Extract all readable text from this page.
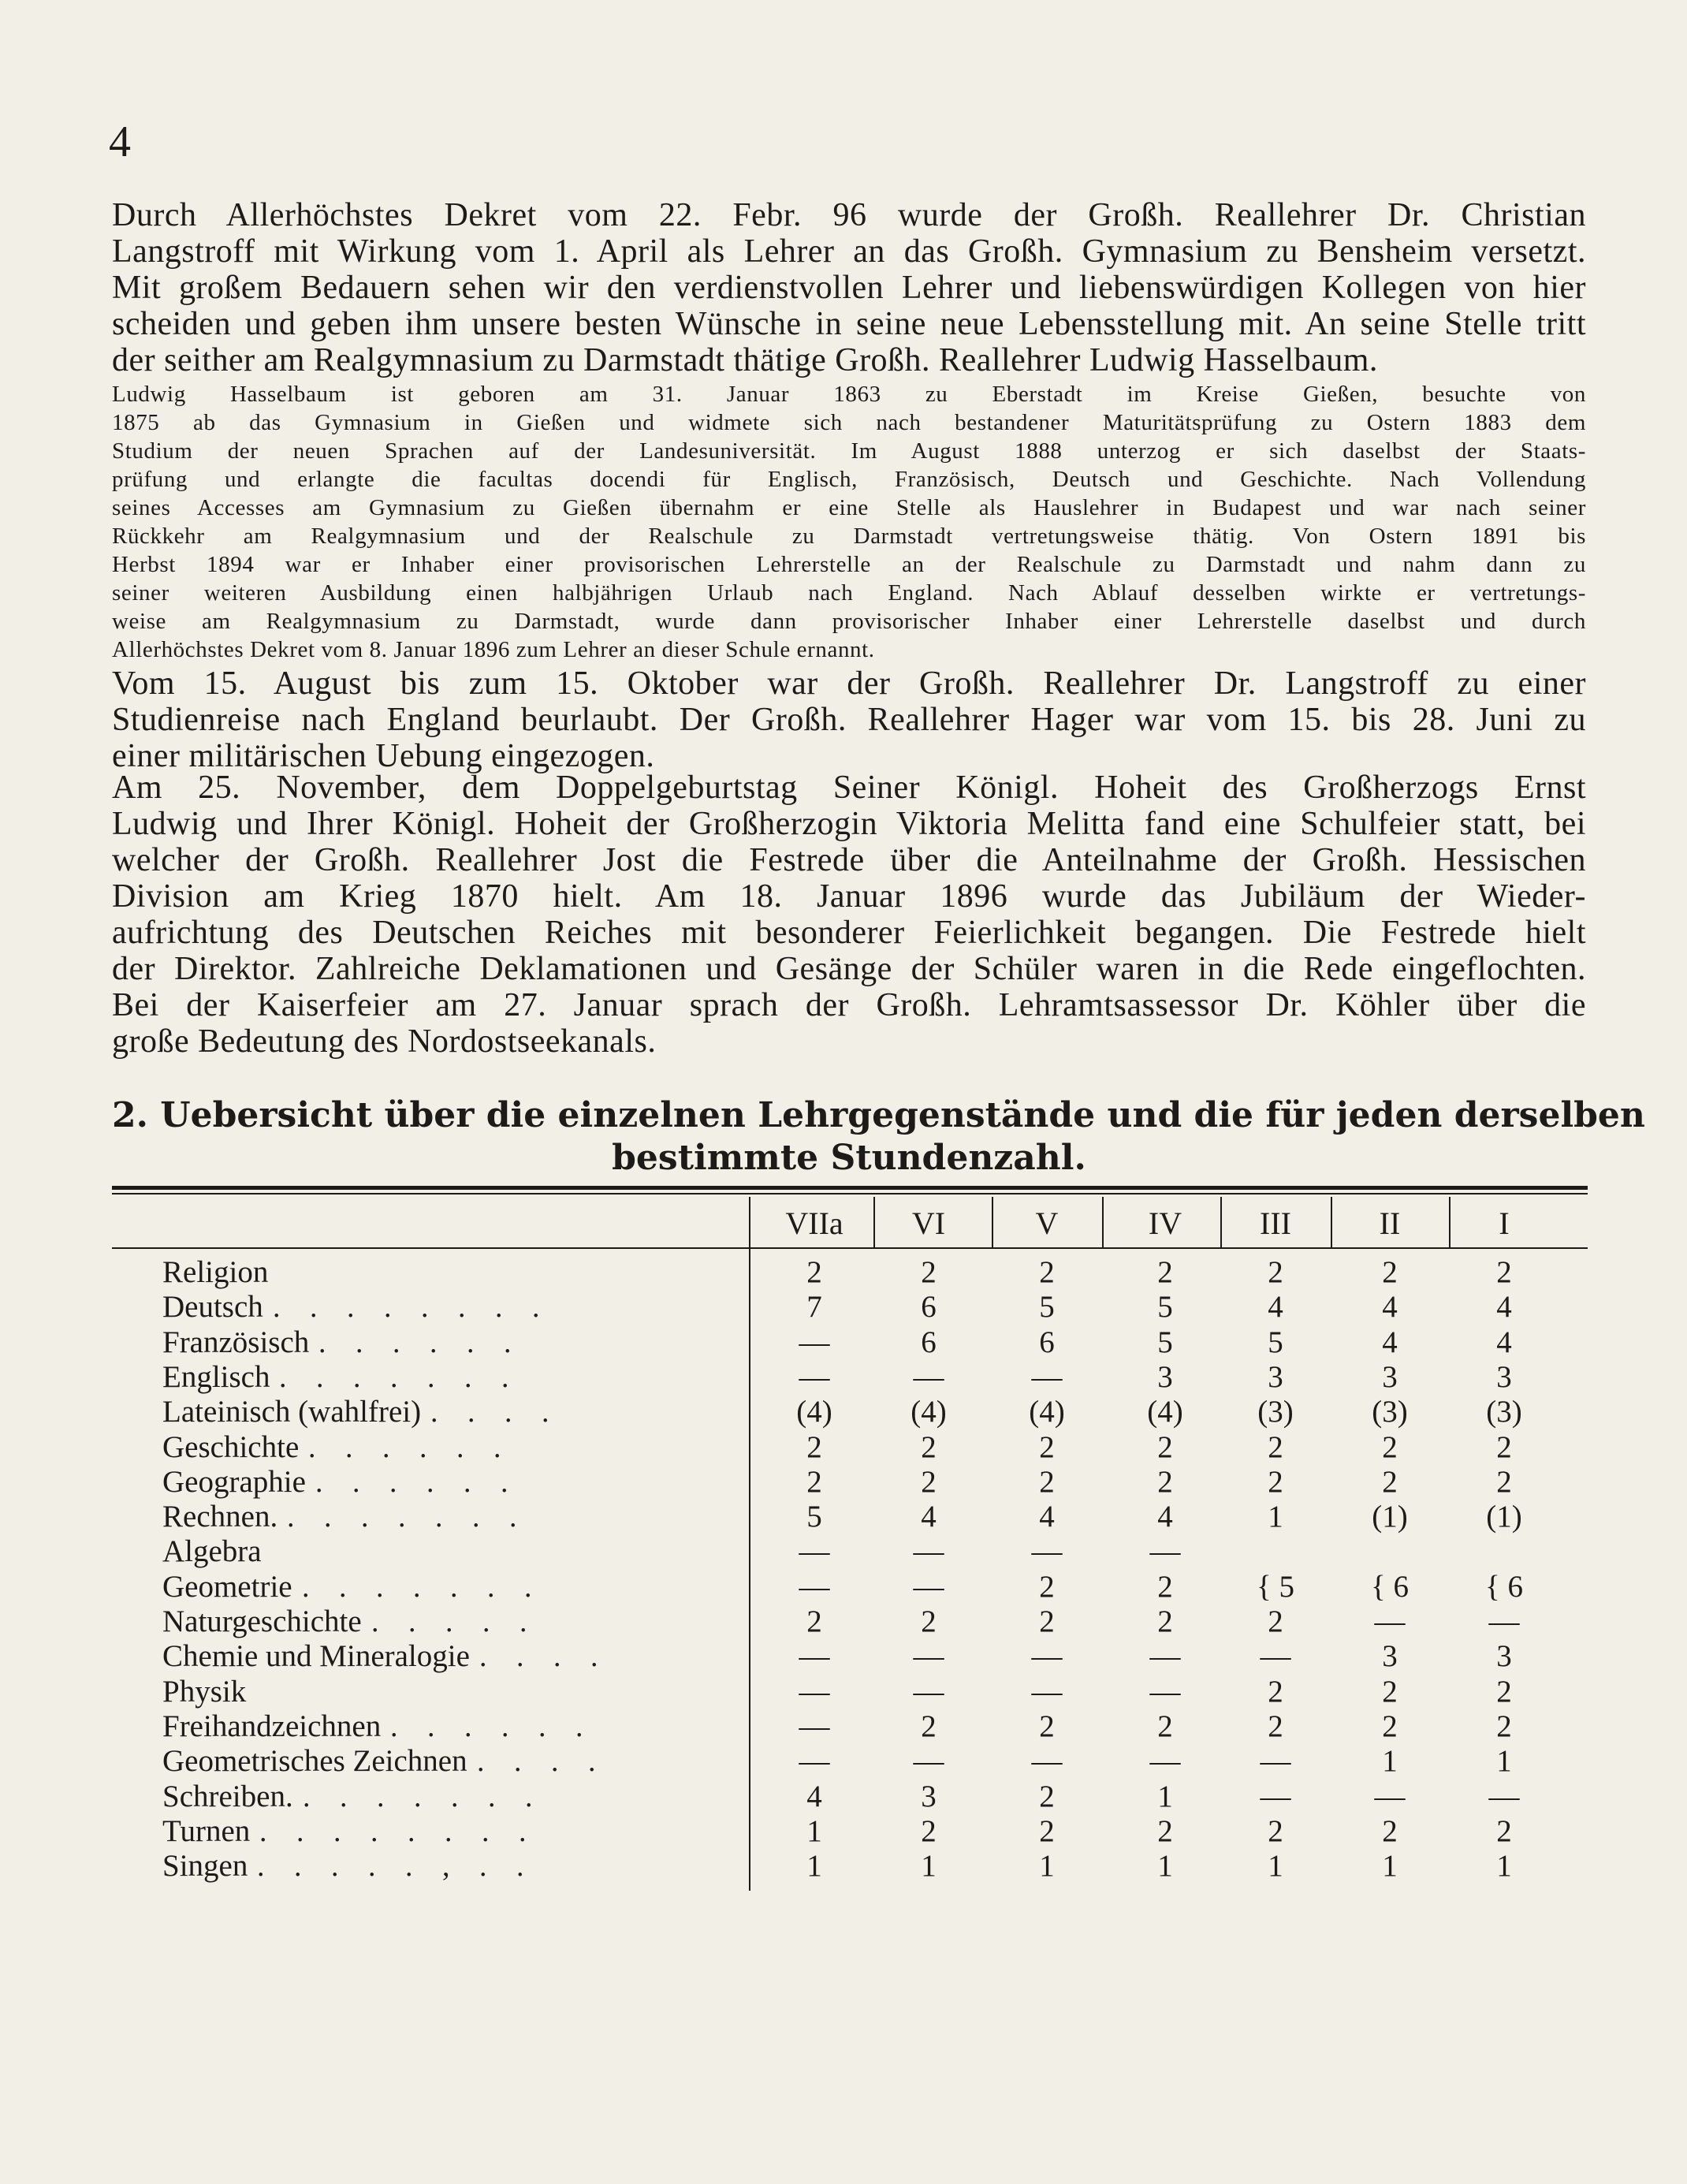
4
Durch Allerhöchstes Dekret vom 22. Febr. 96 wurde der Großh. Reallehrer Dr. Christian
Langstroff mit Wirkung vom 1. April als Lehrer an das Großh. Gymnasium zu Bensheim versetzt.
Mit großem Bedauern sehen wir den verdienstvollen Lehrer und liebenswürdigen Kollegen von hier
scheiden und geben ihm unsere besten Wünsche in seine neue Lebensstellung mit. An seine Stelle tritt
der seither am Realgymnasium zu Darmstadt thätige Großh. Reallehrer Ludwig Hasselbaum.
Ludwig Hasselbaum ist geboren am 31. Januar 1863 zu Eberstadt im Kreise Gießen, besuchte von
1875 ab das Gymnasium in Gießen und widmete sich nach bestandener Maturitätsprüfung zu Ostern 1883 dem
Studium der neuen Sprachen auf der Landesuniversität. Im August 1888 unterzog er sich daselbst der Staats-
prüfung und erlangte die facultas docendi für Englisch, Französisch, Deutsch und Geschichte. Nach Vollendung
seines Accesses am Gymnasium zu Gießen übernahm er eine Stelle als Hauslehrer in Budapest und war nach seiner
Rückkehr am Realgymnasium und der Realschule zu Darmstadt vertretungsweise thätig. Von Ostern 1891 bis
Herbst 1894 war er Inhaber einer provisorischen Lehrerstelle an der Realschule zu Darmstadt und nahm dann zu
seiner weiteren Ausbildung einen halbjährigen Urlaub nach England. Nach Ablauf desselben wirkte er vertretungs-
weise am Realgymnasium zu Darmstadt, wurde dann provisorischer Inhaber einer Lehrerstelle daselbst und durch
Allerhöchstes Dekret vom 8. Januar 1896 zum Lehrer an dieser Schule ernannt.
Vom 15. August bis zum 15. Oktober war der Großh. Reallehrer Dr. Langstroff zu einer
Studienreise nach England beurlaubt. Der Großh. Reallehrer Hager war vom 15. bis 28. Juni zu
einer militärischen Uebung eingezogen.
Am 25. November, dem Doppelgeburtstag Seiner Königl. Hoheit des Großherzogs Ernst
Ludwig und Ihrer Königl. Hoheit der Großherzogin Viktoria Melitta fand eine Schulfeier statt, bei
welcher der Großh. Reallehrer Jost die Festrede über die Anteilnahme der Großh. Hessischen
Division am Krieg 1870 hielt. Am 18. Januar 1896 wurde das Jubiläum der Wieder-
aufrichtung des Deutschen Reiches mit besonderer Feierlichkeit begangen. Die Festrede hielt
der Direktor. Zahlreiche Deklamationen und Gesänge der Schüler waren in die Rede eingeflochten.
Bei der Kaiserfeier am 27. Januar sprach der Großh. Lehramtsassessor Dr. Köhler über die
große Bedeutung des Nordostseekanals.
2. Uebersicht über die einzelnen Lehrgegenstände und die für jeden derselben
bestimmte Stundenzahl.
VIIa	VI	V	IV	III	II	I
Religion	2	2	2	2	2	2	2
Deutsch . . . . . . . .	7	6	5	5	4	4	4
Französisch . . . . . .	—	6	6	5	5	4	4
Englisch . . . . . . .	—	—	—	3	3	3	3
Lateinisch (wahlfrei) . . . .	(4)	(4)	(4)	(4)	(3)	(3)	(3)
Geschichte . . . . . .	2	2	2	2	2	2	2
Geographie . . . . . .	2	2	2	2	2	2	2
Rechnen. . . . . . . .	5	4	4	4	1	(1)	(1)
Algebra	—	—	—	—
Geometrie . . . . . . .	—	—	2	2	{ 5	{ 6	{ 6
Naturgeschichte . . . . .	2	2	2	2	2	—	—
Chemie und Mineralogie . . . .	—	—	—	—	—	3	3
Physik	—	—	—	—	2	2	2
Freihandzeichnen . . . . . .	—	2	2	2	2	2	2
Geometrisches Zeichnen . . . .	—	—	—	—	—	1	1
Schreiben. . . . . . . .	4	3	2	1	—	—	—
Turnen . . . . . . . .	1	2	2	2	2	2	2
Singen . . . . . , . .	1	1	1	1	1	1	1
